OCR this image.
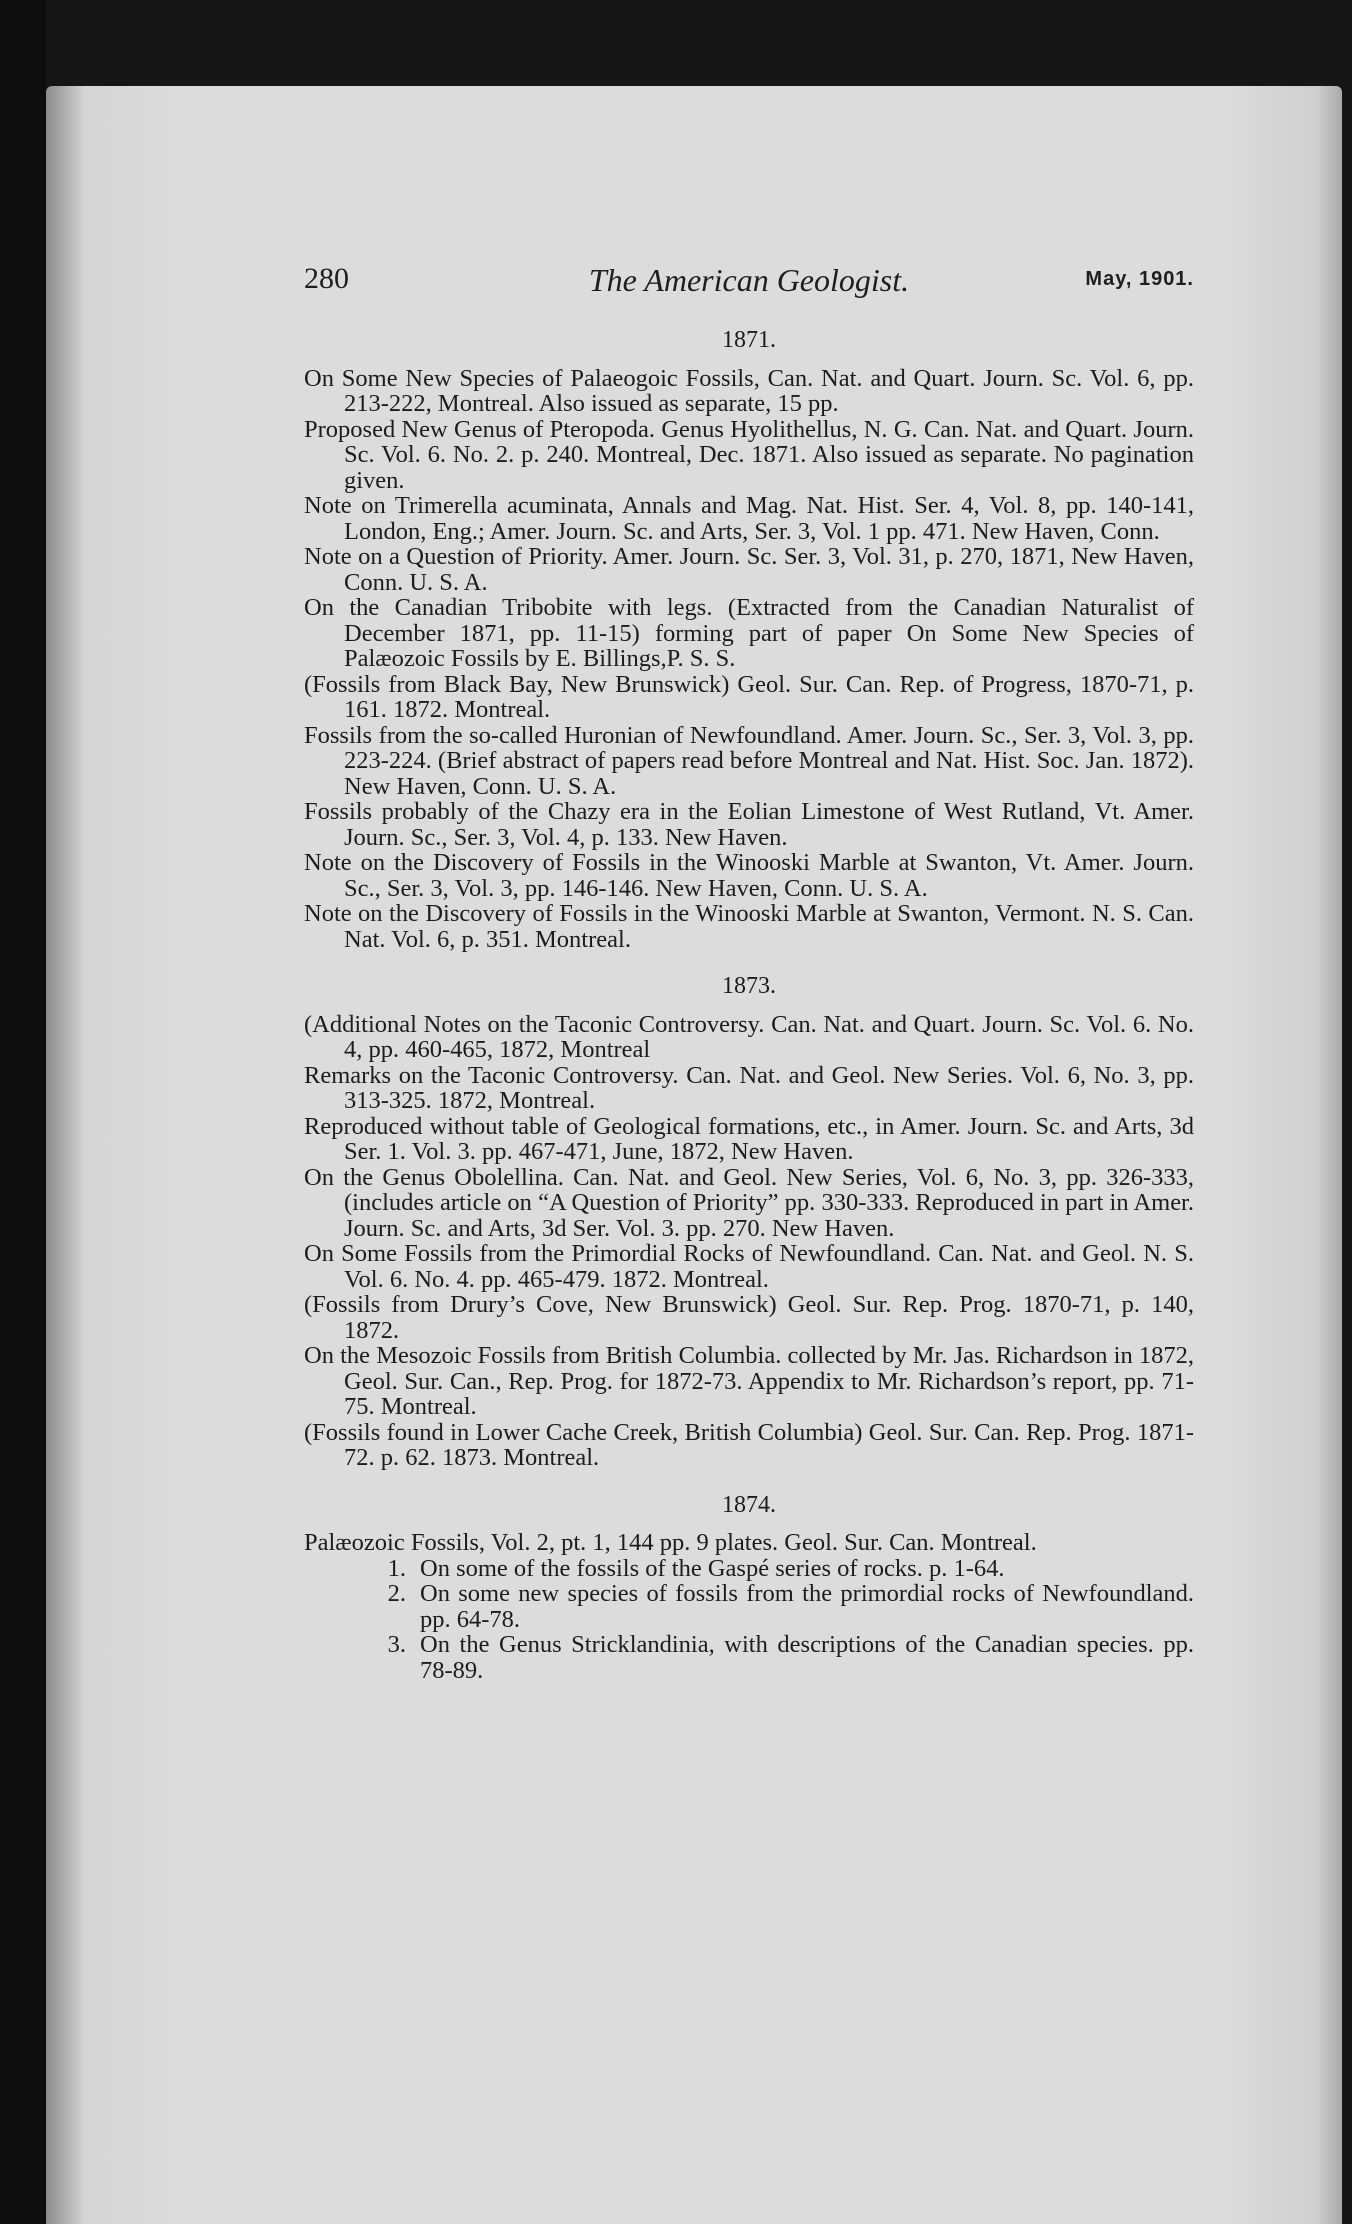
280	The American Geologist.	May, 1901.
1871.

On Some New Species of Palaeogoic Fossils, Can. Nat. and Quart. Journ. Sc. Vol. 6, pp. 213-222, Montreal. Also issued as separate, 15 pp.

Proposed New Genus of Pteropoda. Genus Hyolithellus, N. G. Can. Nat. and Quart. Journ. Sc. Vol. 6. No. 2. p. 240. Montreal, Dec. 1871. Also issued as separate. No pagination given.

Note on Trimerella acuminata, Annals and Mag. Nat. Hist. Ser. 4, Vol. 8, pp. 140-141, London, Eng.; Amer. Journ. Sc. and Arts, Ser. 3, Vol. 1 pp. 471. New Haven, Conn.

Note on a Question of Priority. Amer. Journ. Sc. Ser. 3, Vol. 31, p. 270, 1871, New Haven, Conn. U. S. A.

On the Canadian Tribobite with legs. (Extracted from the Canadian Naturalist of December 1871, pp. 11-15) forming part of paper On Some New Species of Palæozoic Fossils by E. Billings,P. S. S.

(Fossils from Black Bay, New Brunswick) Geol. Sur. Can. Rep. of Progress, 1870-71, p. 161. 1872. Montreal.

Fossils from the so-called Huronian of Newfoundland. Amer. Journ. Sc., Ser. 3, Vol. 3, pp. 223-224. (Brief abstract of papers read before Montreal and Nat. Hist. Soc. Jan. 1872). New Haven, Conn. U. S. A.

Fossils probably of the Chazy era in the Eolian Limestone of West Rutland, Vt. Amer. Journ. Sc., Ser. 3, Vol. 4, p. 133. New Haven.

Note on the Discovery of Fossils in the Winooski Marble at Swanton, Vt. Amer. Journ. Sc., Ser. 3, Vol. 3, pp. 146-146. New Haven, Conn. U. S. A.

Note on the Discovery of Fossils in the Winooski Marble at Swanton, Vermont. N. S. Can. Nat. Vol. 6, p. 351. Montreal.

1873.

(Additional Notes on the Taconic Controversy. Can. Nat. and Quart. Journ. Sc. Vol. 6. No. 4, pp. 460-465, 1872, Montreal

Remarks on the Taconic Controversy. Can. Nat. and Geol. New Series. Vol. 6, No. 3, pp. 313-325. 1872, Montreal.

Reproduced without table of Geological formations, etc., in Amer. Journ. Sc. and Arts, 3d Ser. 1. Vol. 3. pp. 467-471, June, 1872, New Haven.

On the Genus Obolellina. Can. Nat. and Geol. New Series, Vol. 6, No. 3, pp. 326-333, (includes article on “A Question of Priority” pp. 330-333. Reproduced in part in Amer. Journ. Sc. and Arts, 3d Ser. Vol. 3. pp. 270. New Haven.

On Some Fossils from the Primordial Rocks of Newfoundland. Can. Nat. and Geol. N. S. Vol. 6. No. 4. pp. 465-479. 1872. Montreal.

(Fossils from Drury’s Cove, New Brunswick) Geol. Sur. Rep. Prog. 1870-71, p. 140, 1872.

On the Mesozoic Fossils from British Columbia. collected by Mr. Jas. Richardson in 1872, Geol. Sur. Can., Rep. Prog. for 1872-73. Appendix to Mr. Richardson’s report, pp. 71-75. Montreal.

(Fossils found in Lower Cache Creek, British Columbia) Geol. Sur. Can. Rep. Prog. 1871-72. p. 62. 1873. Montreal.

1874.

Palæozoic Fossils, Vol. 2, pt. 1, 144 pp. 9 plates. Geol. Sur. Can. Montreal.

1. On some of the fossils of the Gaspé series of rocks. p. 1-64.

2. On some new species of fossils from the primordial rocks of Newfoundland. pp. 64-78.

3. On the Genus Stricklandinia, with descriptions of the Canadian species. pp. 78-89.
